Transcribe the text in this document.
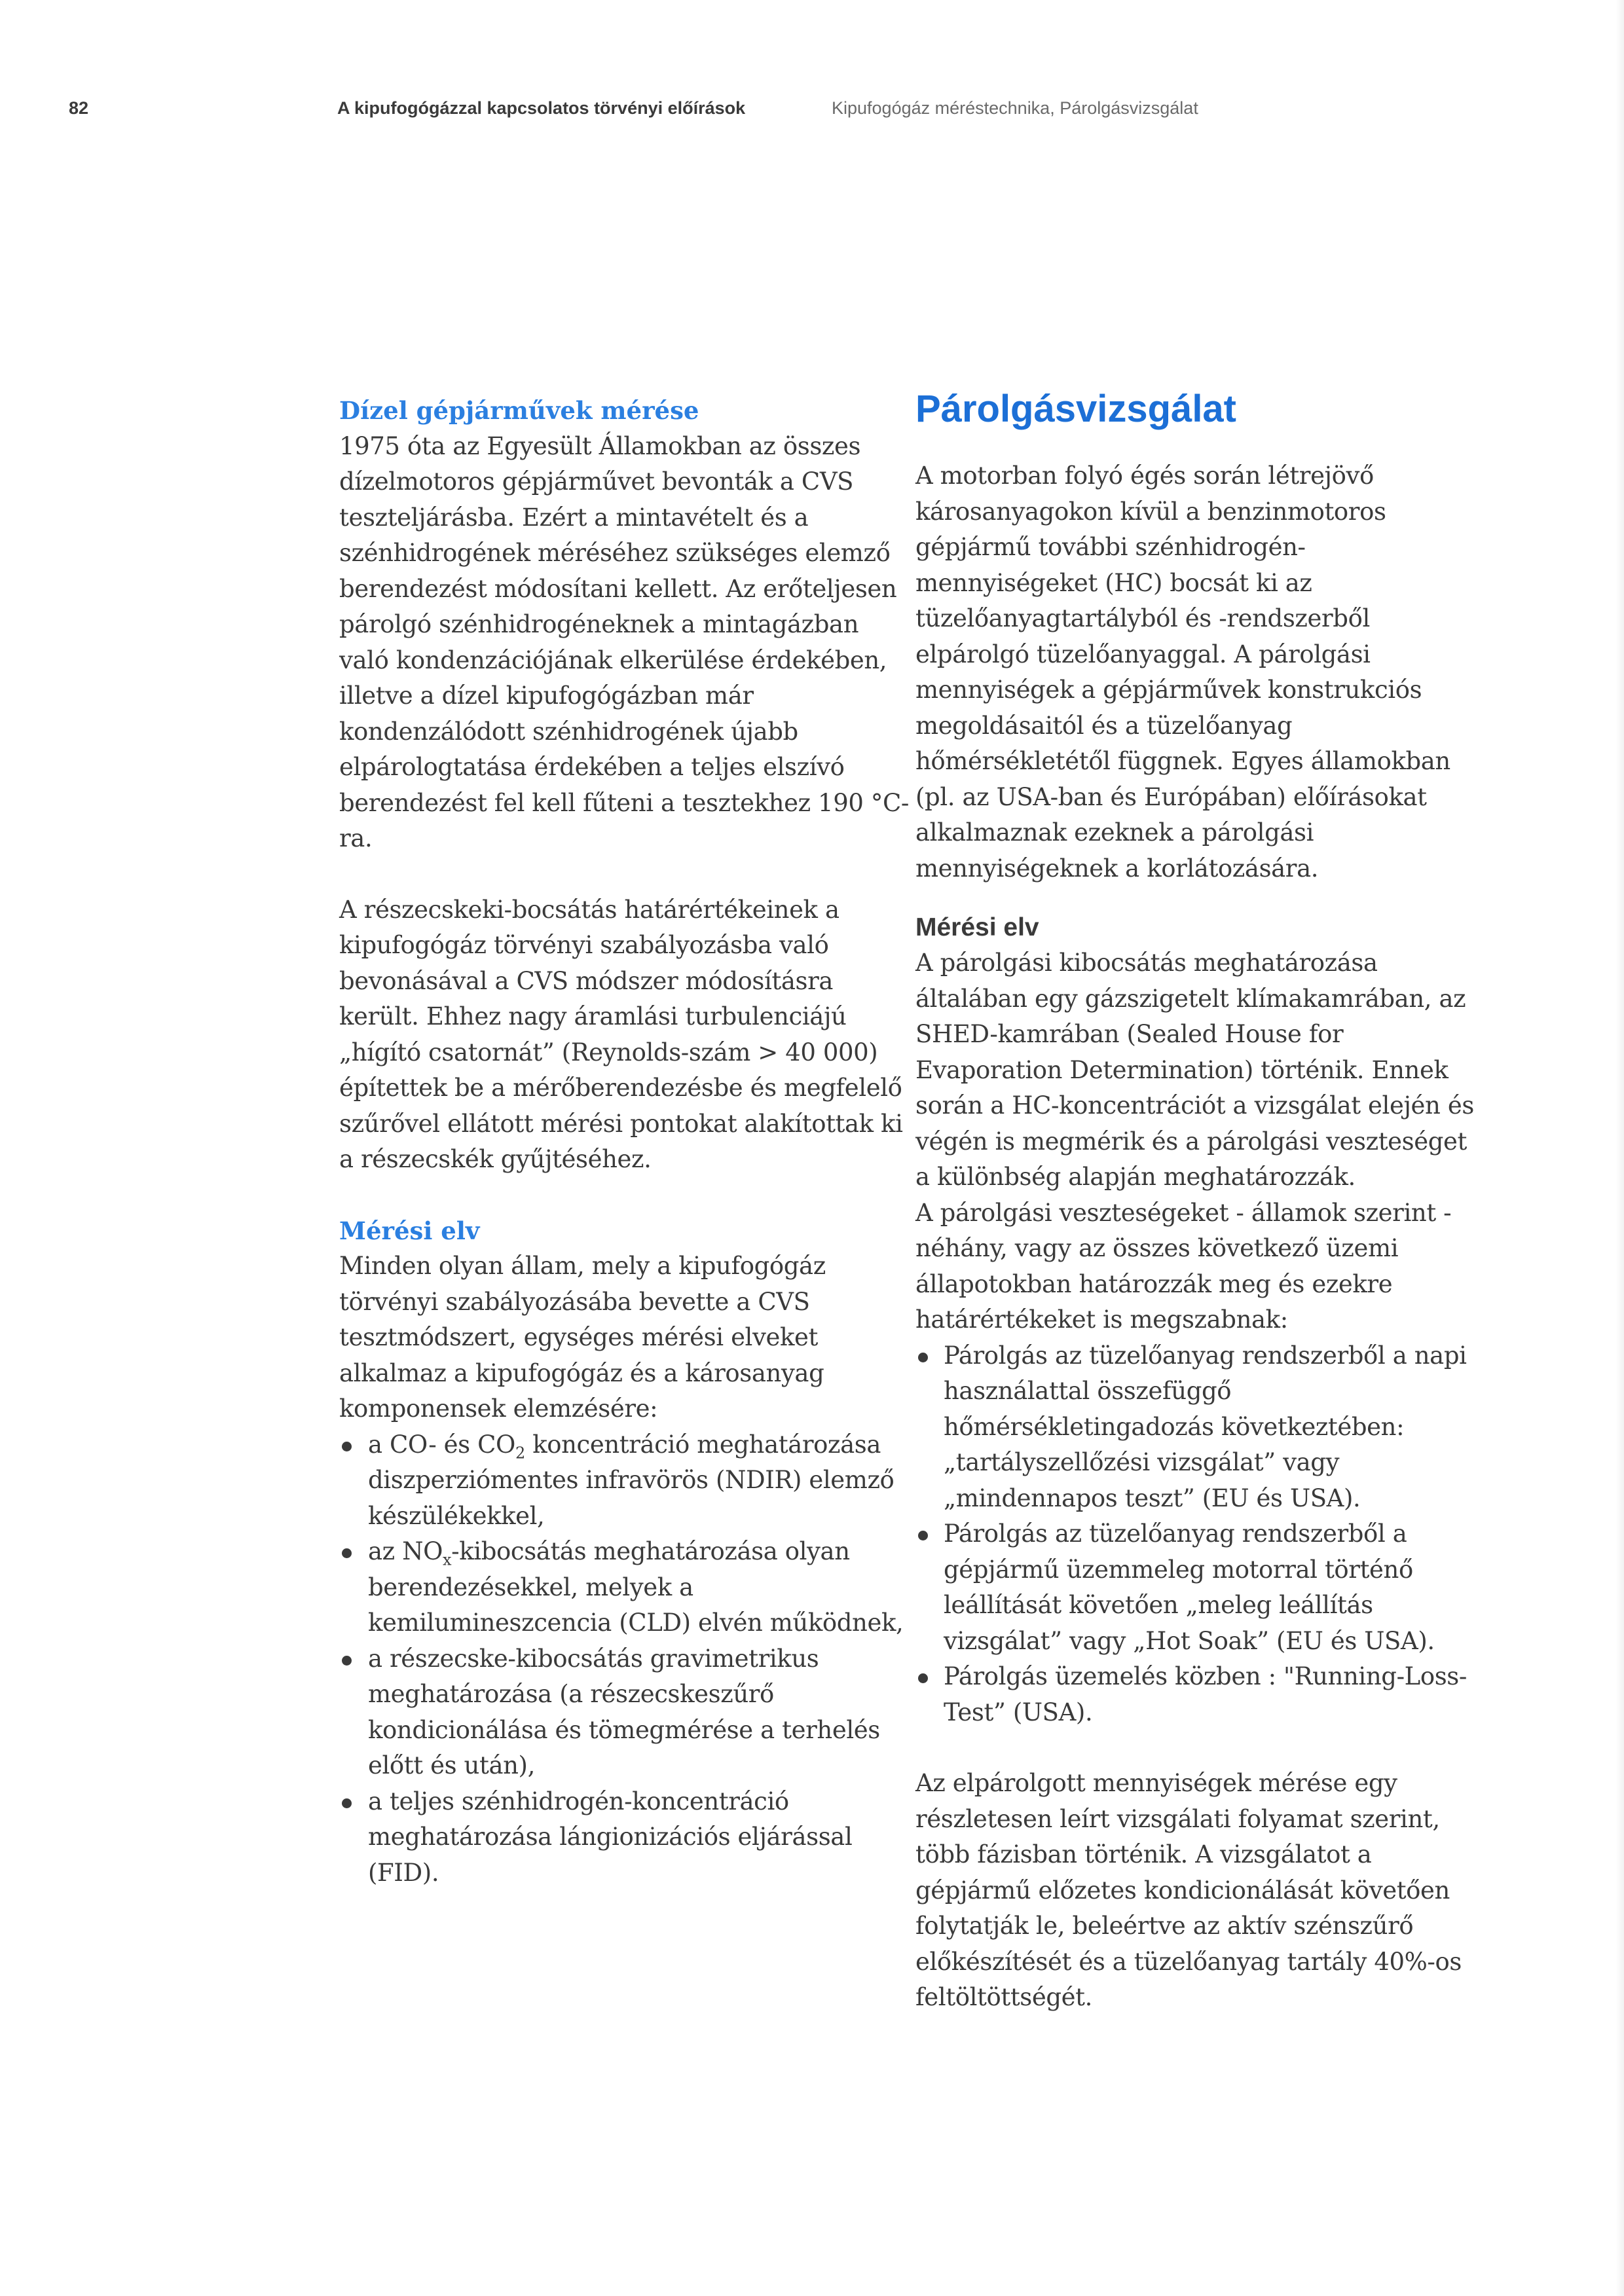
82	A kipufogógázzal kapcsolatos törvényi előírások	Kipufogógáz méréstechnika, Párolgásvizsgálat
Dízel gépjárművek mérése

1975 óta az Egyesült Államokban az összes dízelmotoros gépjárművet bevonták a CVS teszteljárásba. Ezért a mintavételt és a szénhidrogének méréséhez szükséges elemző berendezést módosítani kellett. Az erőteljesen párolgó szénhidrogéneknek a mintagázban való kondenzációjának elkerülése érdekében, illetve a dízel kipufogógázban már kondenzálódott szénhidrogének újabb elpárologtatása érdekében a teljes elszívó berendezést fel kell fűteni a tesztekhez 190 °C-ra.

A részecskeki-bocsátás határértékeinek a kipufogógáz törvényi szabályozásba való bevonásával a CVS módszer módosításra került. Ehhez nagy áramlási turbulenciájú „hígító csatornát” (Reynolds-szám > 40 000) építettek be a mérőberendezésbe és megfelelő szűrővel ellátott mérési pontokat alakítottak ki a részecskék gyűjtéséhez.

Mérési elv

Minden olyan állam, mely a kipufogógáz törvényi szabályozásába bevette a CVS tesztmódszert, egységes mérési elveket alkalmaz a kipufogógáz és a károsanyag komponensek elemzésére:

a CO- és $CO_2$ koncentráció meghatározása diszperziómentes infravörös (NDIR) elemző készülékekkel,
az $NO_x$-kibocsátás meghatározása olyan berendezésekkel, melyek a kemilumineszcencia (CLD) elvén működnek,
a részecske-kibocsátás gravimetrikus meghatározása (a részecskeszűrő kondicionálása és tömegmérése a terhelés előtt és után),
a teljes szénhidrogén-koncentráció meghatározása lángionizációs eljárással (FID).
Párolgásvizsgálat

A motorban folyó égés során létrejövő károsanyagokon kívül a benzinmotoros gépjármű további szénhidrogén-mennyiségeket (HC) bocsát ki az tüzelőanyagtartályból és -rendszerből elpárolgó tüzelőanyaggal. A párolgási mennyiségek a gépjárművek konstrukciós megoldásaitól és a tüzelőanyag hőmérsékletétől függnek. Egyes államokban (pl. az USA-ban és Európában) előírásokat alkalmaznak ezeknek a párolgási mennyiségeknek a korlátozására.

Mérési elv

A párolgási kibocsátás meghatározása általában egy gázszigetelt klímakamrában, az SHED-kamrában (Sealed House for Evaporation Determination) történik. Ennek során a HC-koncentrációt a vizsgálat elején és végén is megmérik és a párolgási veszteséget a különbség alapján meghatározzák.

A párolgási veszteségeket - államok szerint - néhány, vagy az összes következő üzemi állapotokban határozzák meg és ezekre határértékeket is megszabnak:

Párolgás az tüzelőanyag rendszerből a napi használattal összefüggő hőmérsékletingadozás következtében: „tartályszellőzési vizsgálat” vagy „mindennapos teszt” (EU és USA).
Párolgás az tüzelőanyag rendszerből a gépjármű üzemmeleg motorral történő leállítását követően „meleg leállítás vizsgálat” vagy „Hot Soak” (EU és USA).
Párolgás üzemelés közben : "Running-Loss-Test” (USA).

Az elpárolgott mennyiségek mérése egy részletesen leírt vizsgálati folyamat szerint, több fázisban történik. A vizsgálatot a gépjármű előzetes kondicionálását követően folytatják le, beleértve az aktív szénszűrő előkészítését és a tüzelőanyag tartály 40%-os feltöltöttségét.
